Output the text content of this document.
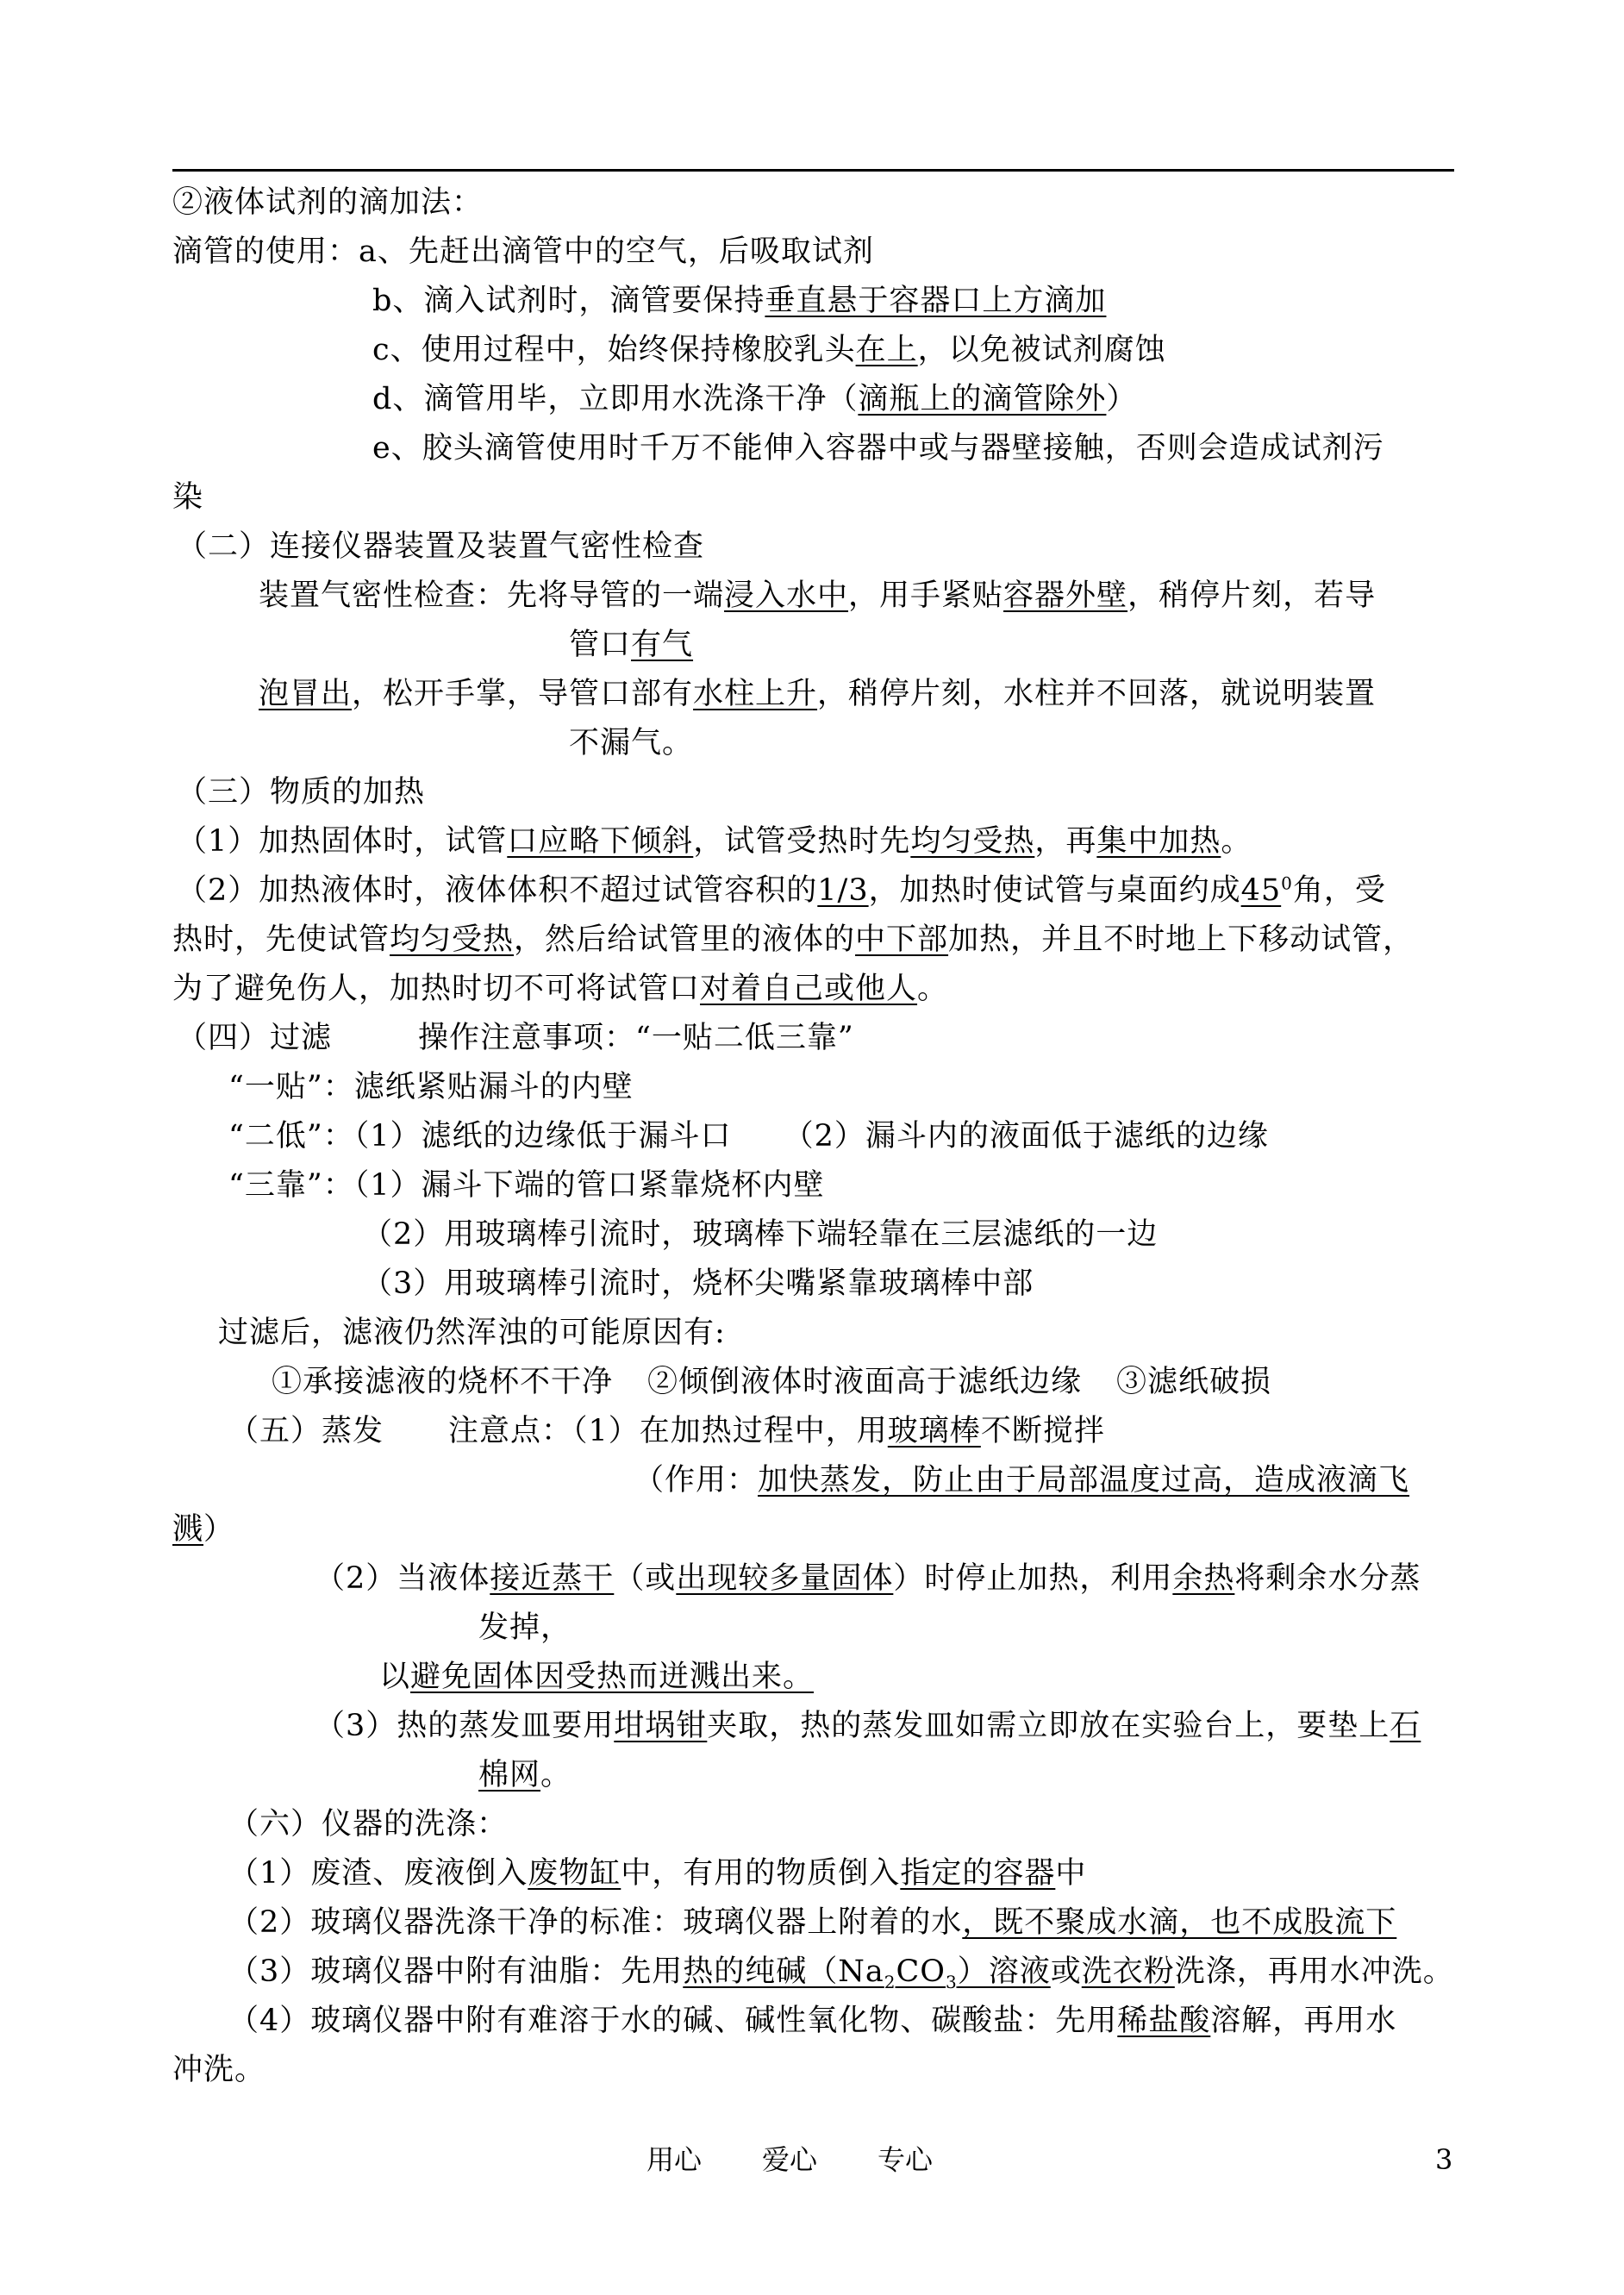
②液体试剂的滴加法：
滴管的使用：a、先赶出滴管中的空气，后吸取试剂
b、滴入试剂时，滴管要保持垂直悬于容器口上方滴加
c、使用过程中，始终保持橡胶乳头在上，以免被试剂腐蚀
d、滴管用毕，立即用水洗涤干净（滴瓶上的滴管除外）
e、胶头滴管使用时千万不能伸入容器中或与器壁接触，否则会造成试剂污
染
（二）连接仪器装置及装置气密性检查
装置气密性检查：先将导管的一端浸入水中，用手紧贴容器外壁，稍停片刻，若导
管口有气
泡冒出，松开手掌，导管口部有水柱上升，稍停片刻，水柱并不回落，就说明装置
不漏气。
（三）物质的加热
（1）加热固体时，试管口应略下倾斜，试管受热时先均匀受热，再集中加热。
（2）加热液体时，液体体积不超过试管容积的1/3，加热时使试管与桌面约成$45^0$角，受
热时，先使试管均匀受热，然后给试管里的液体的中下部加热，并且不时地上下移动试管，
为了避免伤人，加热时切不可将试管口对着自己或他人。
（四）过滤	操作注意事项：“一贴二低三靠”
“一贴”：滤纸紧贴漏斗的内壁
“二低”：（1）滤纸的边缘低于漏斗口 （2）漏斗内的液面低于滤纸的边缘
“三靠”：（1）漏斗下端的管口紧靠烧杯内壁
（2）用玻璃棒引流时，玻璃棒下端轻靠在三层滤纸的一边
（3）用玻璃棒引流时，烧杯尖嘴紧靠玻璃棒中部
过滤后，滤液仍然浑浊的可能原因有:
①承接滤液的烧杯不干净 ②倾倒液体时液面高于滤纸边缘 ③滤纸破损
（五）蒸发 注意点：（1）在加热过程中，用玻璃棒不断搅拌
（作用：加快蒸发，防止由于局部温度过高，造成液滴飞
溅）
（2）当液体接近蒸干（或出现较多量固体）时停止加热，利用余热将剩余水分蒸
发掉，
以避免固体因受热而迸溅出来。
（3）热的蒸发皿要用坩埚钳夹取，热的蒸发皿如需立即放在实验台上，要垫上石
棉网。
（六）仪器的洗涤：
（1）废渣、废液倒入废物缸中，有用的物质倒入指定的容器中
（2）玻璃仪器洗涤干净的标准：玻璃仪器上附着的水，既不聚成水滴，也不成股流下
（3）玻璃仪器中附有油脂：先用热的纯碱$(Na_2CO_3)$溶液或洗衣粉洗涤，再用水冲洗。
（4）玻璃仪器中附有难溶于水的碱、碱性氧化物、碳酸盐：先用稀盐酸溶解，再用水
冲洗。
用心 爱心 专心	3
